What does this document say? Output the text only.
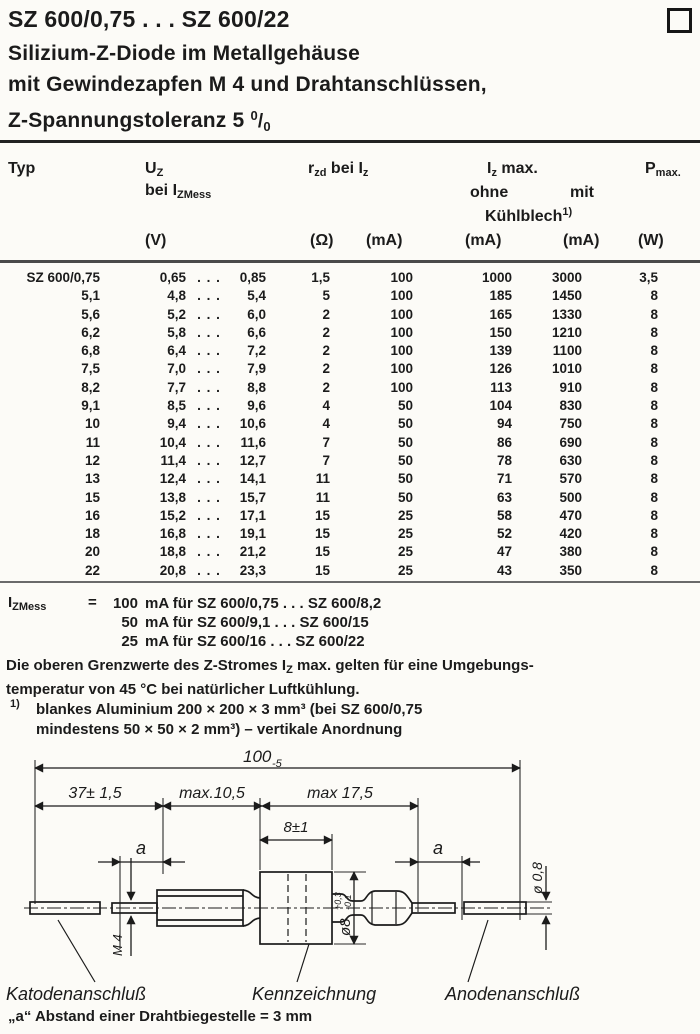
SZ 600/0,75 . . . SZ 600/22
Silizium-Z-Diode im Metallgehäuse
mit Gewindezapfen M 4 und Drahtanschlüssen,
Z-Spannungstoleranz 5 $^0/_0$
Typ	$U_Z$
bei $I_{ZMess}$
$r_{zd}$ bei $I_z$	$I_z$ max.
ohne	mit
Kühlblech$^{1)}$
$P_{max.}$
(V)	(Ω) (mA)	(mA)	(mA) (W)
SZ 600/0,75	0,65 . . .	0,85	1,5	100	1000	3000	3,5
5,1	4,8 . . .	5,4	5	100	185	1450	8
5,6	5,2 . . .	6,0	2	100	165	1330	8
6,2	5,8 . . .	6,6	2	100	150	1210	8
6,8	6,4 . . .	7,2	2	100	139	1100	8
7,5	7,0 . . .	7,9	2	100	126	1010	8
8,2	7,7 . . .	8,8	2	100	113	910	8
9,1	8,5 . . .	9,6	4	50	104	830	8
10	9,4 . . .	10,6	4	50	94	750	8
11	10,4 . . .	11,6	7	50	86	690	8
12	11,4 . . .	12,7	7	50	78	630	8
13	12,4 . . .	14,1	11	50	71	570	8
15	13,8 . . .	15,7	11	50	63	500	8
16	15,2 . . .	17,1	15	25	58	470	8
18	16,8 . . .	19,1	15	25	52	420	8
20	18,8 . . .	21,2	15	25	47	380	8
22	20,8 . . .	23,3	15	25	43	350	8
$I_{ZMess}$	=	100 mA für SZ 600/0,75 . . . SZ 600/8,2
50 mA für SZ 600/9,1 . . . SZ 600/15
25 mA für SZ 600/16 . . . SZ 600/22
Die oberen Grenzwerte des Z-Stromes $I_Z$ max. gelten für eine Umgebungs-
temperatur von 45 °C bei natürlicher Luftkühlung.
1) blankes Aluminium 200 × 200 × 3 mm³ (bei SZ 600/0,75
mindestens 50 × 50 × 2 mm³) – vertikale Anordnung
100 -5
37± 1,5	max.10,5	max 17,5
8±1
a	a
M 4
ø8
+0,3 -0,1
ø 0,8
Katodenanschluß	Kennzeichnung	Anodenanschluß
„a“ Abstand einer Drahtbiegestelle = 3 mm
